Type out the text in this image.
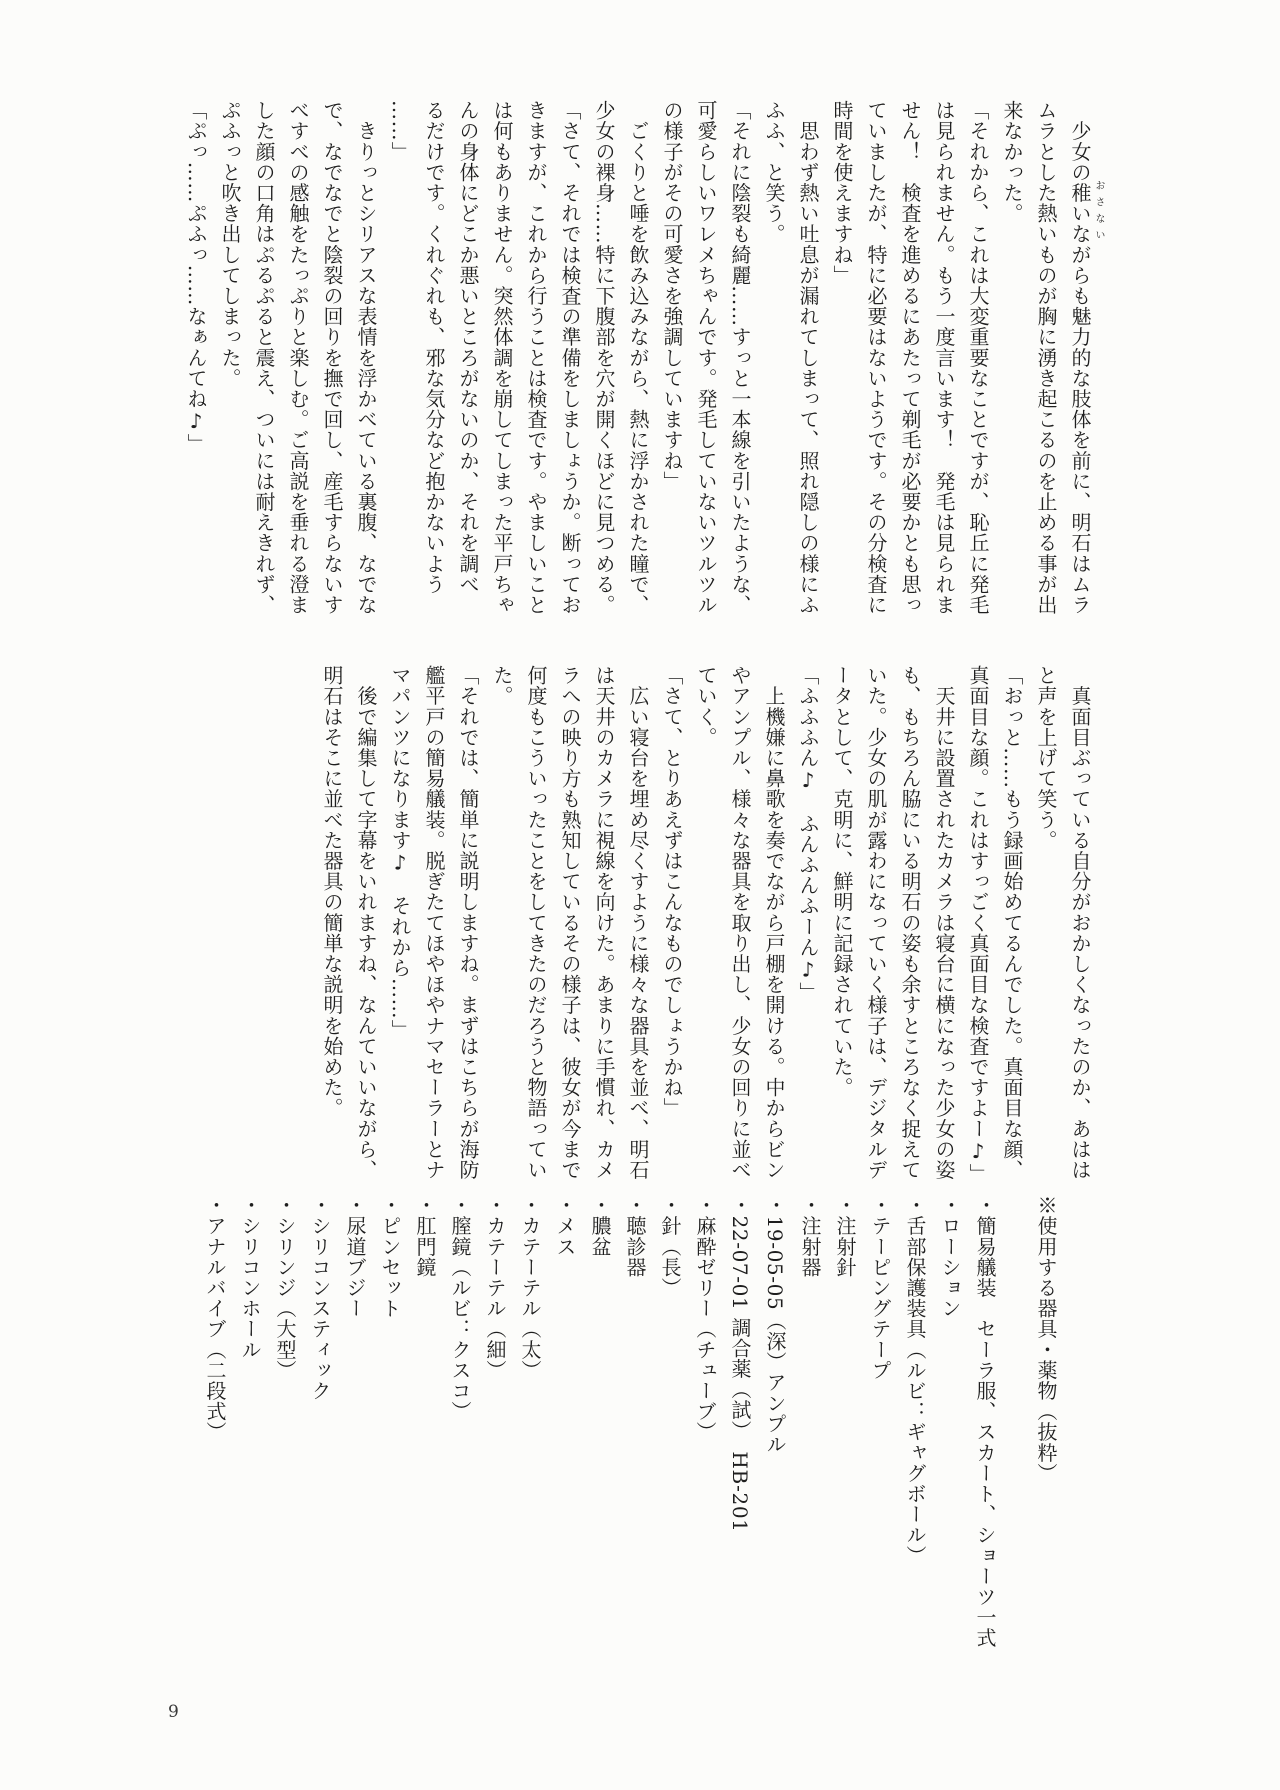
　少女の稚いながらも魅力的な肢体を前に、明石はムラ
ムラとした熱いものが胸に湧き起こるのを止める事が出
来なかった。
「それから、これは大変重要なことですが、恥丘に発毛
は見られません。もう一度言います！　発毛は見られま
せん！　検査を進めるにあたって剃毛が必要かとも思っ
ていましたが、特に必要はないようです。その分検査に
時間を使えますね」
　思わず熱い吐息が漏れてしまって、照れ隠しの様にふ
ふふ、と笑う。
「それに陰裂も綺麗……すっと一本線を引いたような、
可愛らしいワレメちゃんです。発毛していないツルツル
の様子がその可愛さを強調していますね」
　ごくりと唾を飲み込みながら、熱に浮かされた瞳で、
少女の裸身……特に下腹部を穴が開くほどに見つめる。
「さて、それでは検査の準備をしましょうか。断ってお
きますが、これから行うことは検査です。やましいこと
は何もありません。突然体調を崩してしまった平戸ちゃ
んの身体にどこか悪いところがないのか、それを調べ
るだけです。くれぐれも、邪な気分など抱かないよう
……」
　きりっとシリアスな表情を浮かべている裏腹、なでな
で、なでなでと陰裂の回りを撫で回し、産毛すらないす
べすべの感触をたっぷりと楽しむ。ご高説を垂れる澄ま
した顔の口角はぷるぷると震え、ついには耐えきれず、
ぷふっと吹き出してしまった。
「ぷっ……ぷふっ……なぁんてね♪」
　真面目ぶっている自分がおかしくなったのか、あはは
と声を上げて笑う。
「おっと……もう録画始めてるんでした。真面目な顔、
真面目な顔。これはすっごく真面目な検査ですよー♪」
　天井に設置されたカメラは寝台に横になった少女の姿
も、もちろん脇にいる明石の姿も余すところなく捉えて
いた。少女の肌が露わになっていく様子は、デジタルデ
ータとして、克明に、鮮明に記録されていた。
「ふふふん♪　ふんふんふーん♪」
　上機嫌に鼻歌を奏でながら戸棚を開ける。中からビン
やアンプル、様々な器具を取り出し、少女の回りに並べ
ていく。
「さて、とりあえずはこんなものでしょうかね」
　広い寝台を埋め尽くすように様々な器具を並べ、明石
は天井のカメラに視線を向けた。あまりに手慣れ、カメ
ラへの映り方も熟知しているその様子は、彼女が今まで
何度もこういったことをしてきたのだろうと物語ってい
た。
「それでは、簡単に説明しますね。まずはこちらが海防
艦平戸の簡易艤装。脱ぎたてほやほやナマセーラーとナ
マパンツになります♪　それから……」
　後で編集して字幕をいれますね、なんていいながら、
明石はそこに並べた器具の簡単な説明を始めた。
※使用する器具・薬物（抜粋）
・簡易艤装　セーラ服、スカート、ショーツ一式
・ローション
・舌部保護装具（ルビ：ギャグボール）
・テーピングテープ
・注射針
・注射器
・19-05-05（深）アンプル
・22-07-01 調合薬（試）　HB-201
・麻酔ゼリー（チューブ）
・針（長）
・聴診器
・膿盆
・メス
・カテーテル（太）
・カテーテル（細）
・膣鏡（ルビ：クスコ）
・肛門鏡
・ピンセット
・尿道ブジー
・シリコンスティック
・シリンジ（大型）
・シリコンホール
・アナルバイブ（二段式）
おさない
9
